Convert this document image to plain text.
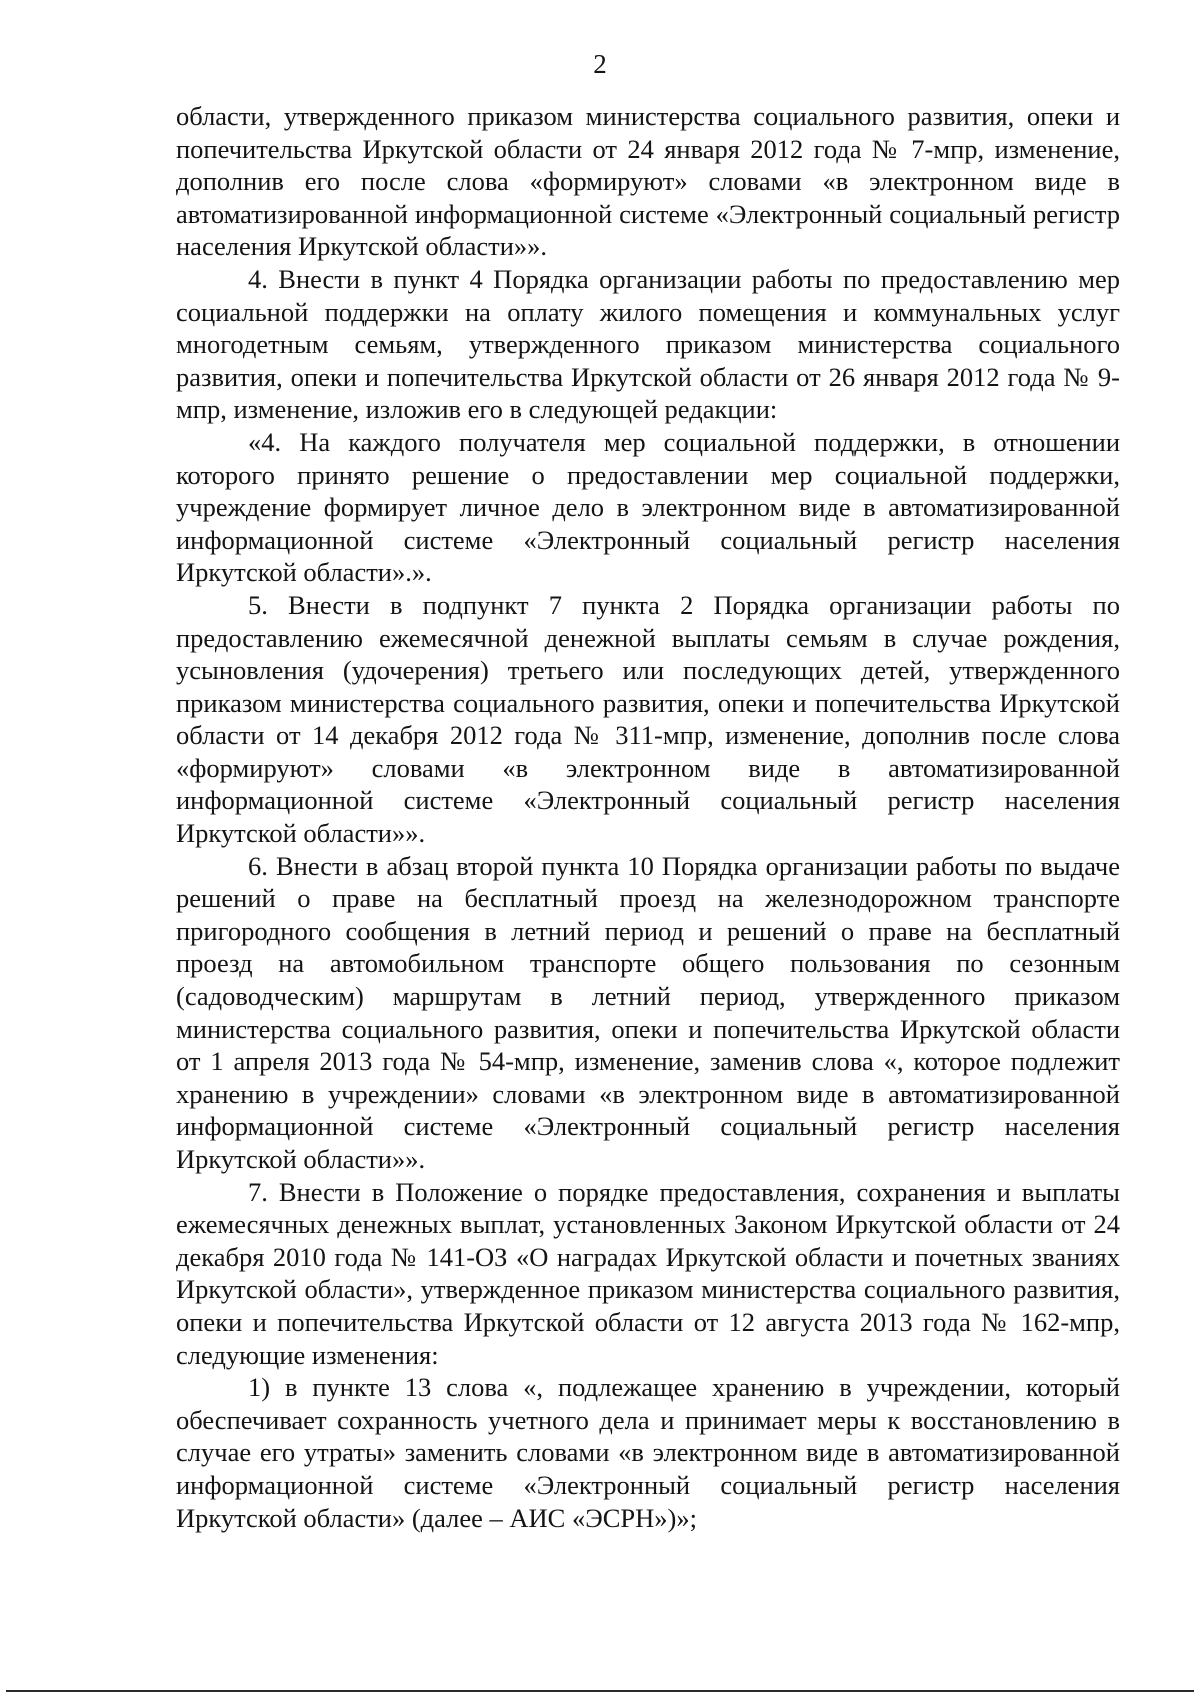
2

области, утвержденного приказом министерства социального развития, опеки и попечительства Иркутской области от 24 января 2012 года № 7-мпр, изменение, дополнив его после слова «формируют» словами «в электронном виде в автоматизированной информационной системе «Электронный социальный регистр населения Иркутской области»».

4. Внести в пункт 4 Порядка организации работы по предоставлению мер социальной поддержки на оплату жилого помещения и коммунальных услуг многодетным семьям, утвержденного приказом министерства социального развития, опеки и попечительства Иркутской области от 26 января 2012 года № 9-мпр, изменение, изложив его в следующей редакции:

«4. На каждого получателя мер социальной поддержки, в отношении которого принято решение о предоставлении мер социальной поддержки, учреждение формирует личное дело в электронном виде в автоматизированной информационной системе «Электронный социальный регистр населения Иркутской области».».

5. Внести в подпункт 7 пункта 2 Порядка организации работы по предоставлению ежемесячной денежной выплаты семьям в случае рождения, усыновления (удочерения) третьего или последующих детей, утвержденного приказом министерства социального развития, опеки и попечительства Иркутской области от 14 декабря 2012 года № 311-мпр, изменение, дополнив после слова «формируют» словами «в электронном виде в автоматизированной информационной системе «Электронный социальный регистр населения Иркутской области»».

6. Внести в абзац второй пункта 10 Порядка организации работы по выдаче решений о праве на бесплатный проезд на железнодорожном транспорте пригородного сообщения в летний период и решений о праве на бесплатный проезд на автомобильном транспорте общего пользования по сезонным (садоводческим) маршрутам в летний период, утвержденного приказом министерства социального развития, опеки и попечительства Иркутской области от 1 апреля 2013 года № 54-мпр, изменение, заменив слова «, которое подлежит хранению в учреждении» словами «в электронном виде в автоматизированной информационной системе «Электронный социальный регистр населения Иркутской области»».

7. Внести в Положение о порядке предоставления, сохранения и выплаты ежемесячных денежных выплат, установленных Законом Иркутской области от 24 декабря 2010 года № 141-ОЗ «О наградах Иркутской области и почетных званиях Иркутской области», утвержденное приказом министерства социального развития, опеки и попечительства Иркутской области от 12 августа 2013 года № 162-мпр, следующие изменения:

1) в пункте 13 слова «, подлежащее хранению в учреждении, который обеспечивает сохранность учетного дела и принимает меры к восстановлению в случае его утраты» заменить словами «в электронном виде в автоматизированной информационной системе «Электронный социальный регистр населения Иркутской области» (далее – АИС «ЭСРН»)»;
